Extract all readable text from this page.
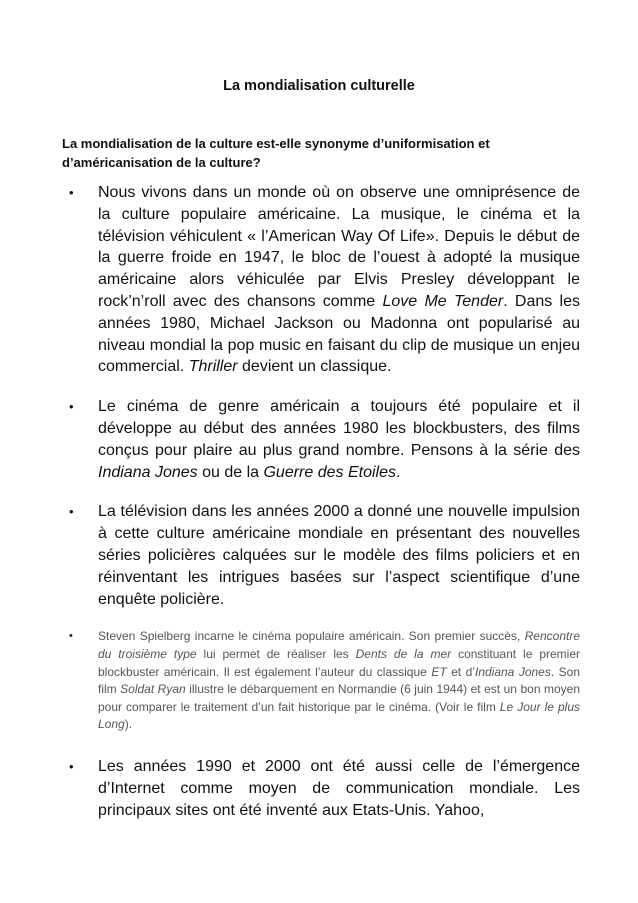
La mondialisation culturelle
La mondialisation de la culture est-elle synonyme d’uniformisation et d’américanisation de la culture?
• Nous vivons dans un monde où on observe une omniprésence de la culture populaire américaine. La musique, le cinéma et la télévision véhiculent « l’American Way Of Life». Depuis le début de la guerre froide en 1947, le bloc de l’ouest à adopté la musique américaine alors véhiculée par Elvis Presley développant le rock’n’roll avec des chansons comme Love Me Tender. Dans les années 1980, Michael Jackson ou Madonna ont popularisé au niveau mondial la pop music en faisant du clip de musique un enjeu commercial. Thriller devient un classique.
• Le cinéma de genre américain a toujours été populaire et il développe au début des années 1980 les blockbusters, des films conçus pour plaire au plus grand nombre. Pensons à la série des Indiana Jones ou de la Guerre des Etoiles.
• La télévision dans les années 2000 a donné une nouvelle impulsion à cette culture américaine mondiale en présentant des nouvelles séries policières calquées sur le modèle des films policiers et en réinventant les intrigues basées sur l’aspect scientifique d’une enquête policière.
• Steven Spielberg incarne le cinéma populaire américain. Son premier succès, Rencontre du troisième type lui permet de réaliser les Dents de la mer constituant le premier blockbuster américain. Il est également l’auteur du classique ET et d’Indiana Jones. Son film Soldat Ryan illustre le débarquement en Normandie (6 juin 1944) et est un bon moyen pour comparer le traitement d’un fait historique par le cinéma. (Voir le film Le Jour le plus Long).
• Les années 1990 et 2000 ont été aussi celle de l’émergence d’Internet comme moyen de communication mondiale. Les principaux sites ont été inventé aux Etats-Unis. Yahoo,
